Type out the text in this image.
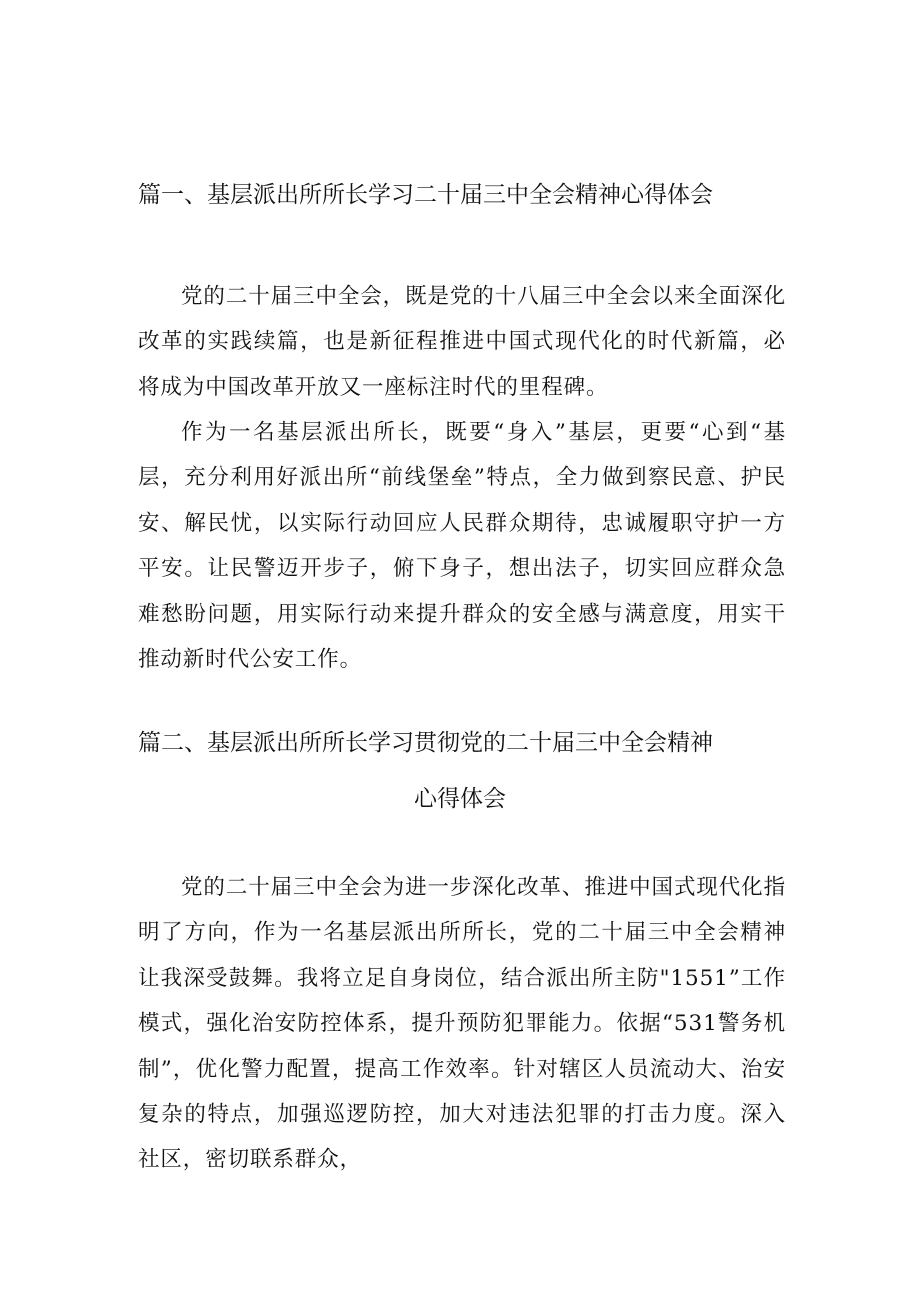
篇一、基层派出所所长学习二十届三中全会精神心得体会

党的二十届三中全会，既是党的十八届三中全会以来全面深化改革的实践续篇，也是新征程推进中国式现代化的时代新篇，必将成为中国改革开放又一座标注时代的里程碑。

作为一名基层派出所长，既要“身入”基层，更要“心到“基层，充分利用好派出所“前线堡垒”特点，全力做到察民意、护民安、解民忧，以实际行动回应人民群众期待，忠诚履职守护一方平安。让民警迈开步子，俯下身子，想出法子，切实回应群众急难愁盼问题，用实际行动来提升群众的安全感与满意度，用实干推动新时代公安工作。

篇二、基层派出所所长学习贯彻党的二十届三中全会精神
心得体会

党的二十届三中全会为进一步深化改革、推进中国式现代化指明了方向，作为一名基层派出所所长，党的二十届三中全会精神让我深受鼓舞。我将立足自身岗位，结合派出所主防"1551”工作模式，强化治安防控体系，提升预防犯罪能力。依据“531警务机制”，优化警力配置，提高工作效率。针对辖区人员流动大、治安复杂的特点，加强巡逻防控，加大对违法犯罪的打击力度。深入社区，密切联系群众，
